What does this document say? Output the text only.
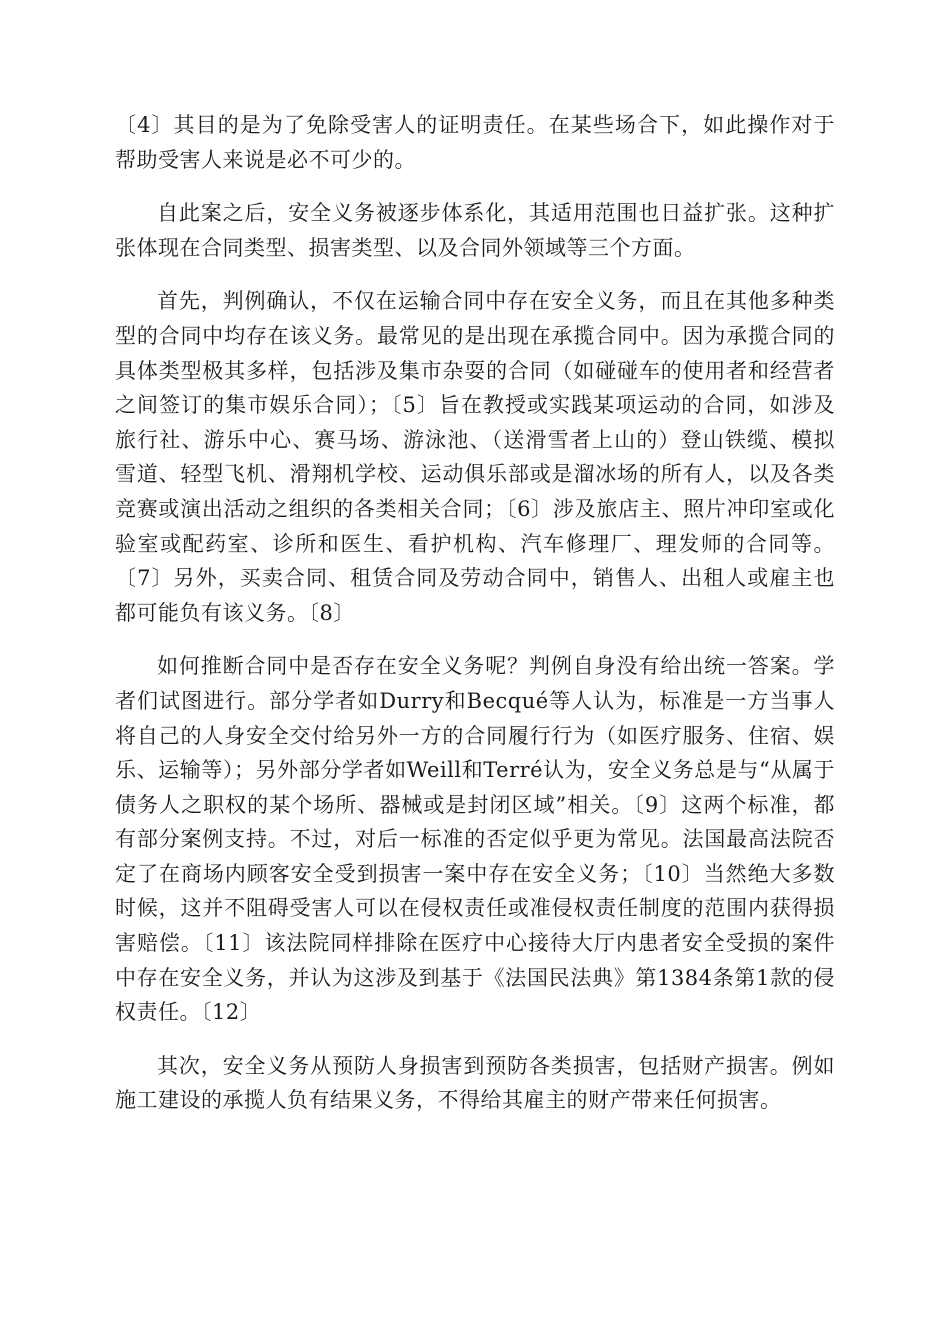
〔4〕其目的是为了免除受害人的证明责任。在某些场合下，如此操作对于帮助受害人来说是必不可少的。

自此案之后，安全义务被逐步体系化，其适用范围也日益扩张。这种扩张体现在合同类型、损害类型、以及合同外领域等三个方面。

首先，判例确认，不仅在运输合同中存在安全义务，而且在其他多种类型的合同中均存在该义务。最常见的是出现在承揽合同中。因为承揽合同的具体类型极其多样，包括涉及集市杂耍的合同（如碰碰车的使用者和经营者之间签订的集市娱乐合同）；〔5〕旨在教授或实践某项运动的合同，如涉及旅行社、游乐中心、赛马场、游泳池、（送滑雪者上山的）登山铁缆、模拟雪道、轻型飞机、滑翔机学校、运动俱乐部或是溜冰场的所有人，以及各类竞赛或演出活动之组织的各类相关合同；〔6〕涉及旅店主、照片冲印室或化验室或配药室、诊所和医生、看护机构、汽车修理厂、理发师的合同等。〔7〕另外，买卖合同、租赁合同及劳动合同中，销售人、出租人或雇主也都可能负有该义务。〔8〕

如何推断合同中是否存在安全义务呢？判例自身没有给出统一答案。学者们试图进行。部分学者如Durry和Becqué等人认为，标准是一方当事人将自己的人身安全交付给另外一方的合同履行行为（如医疗服务、住宿、娱乐、运输等）；另外部分学者如Weill和Terré认为，安全义务总是与“从属于债务人之职权的某个场所、器械或是封闭区域”相关。〔9〕这两个标准，都有部分案例支持。不过，对后一标准的否定似乎更为常见。法国最高法院否定了在商场内顾客安全受到损害一案中存在安全义务；〔10〕当然绝大多数时候，这并不阻碍受害人可以在侵权责任或准侵权责任制度的范围内获得损害赔偿。〔11〕该法院同样排除在医疗中心接待大厅内患者安全受损的案件中存在安全义务，并认为这涉及到基于《法国民法典》第1384条第1款的侵权责任。〔12〕

其次，安全义务从预防人身损害到预防各类损害，包括财产损害。例如施工建设的承揽人负有结果义务，不得给其雇主的财产带来任何损害。
